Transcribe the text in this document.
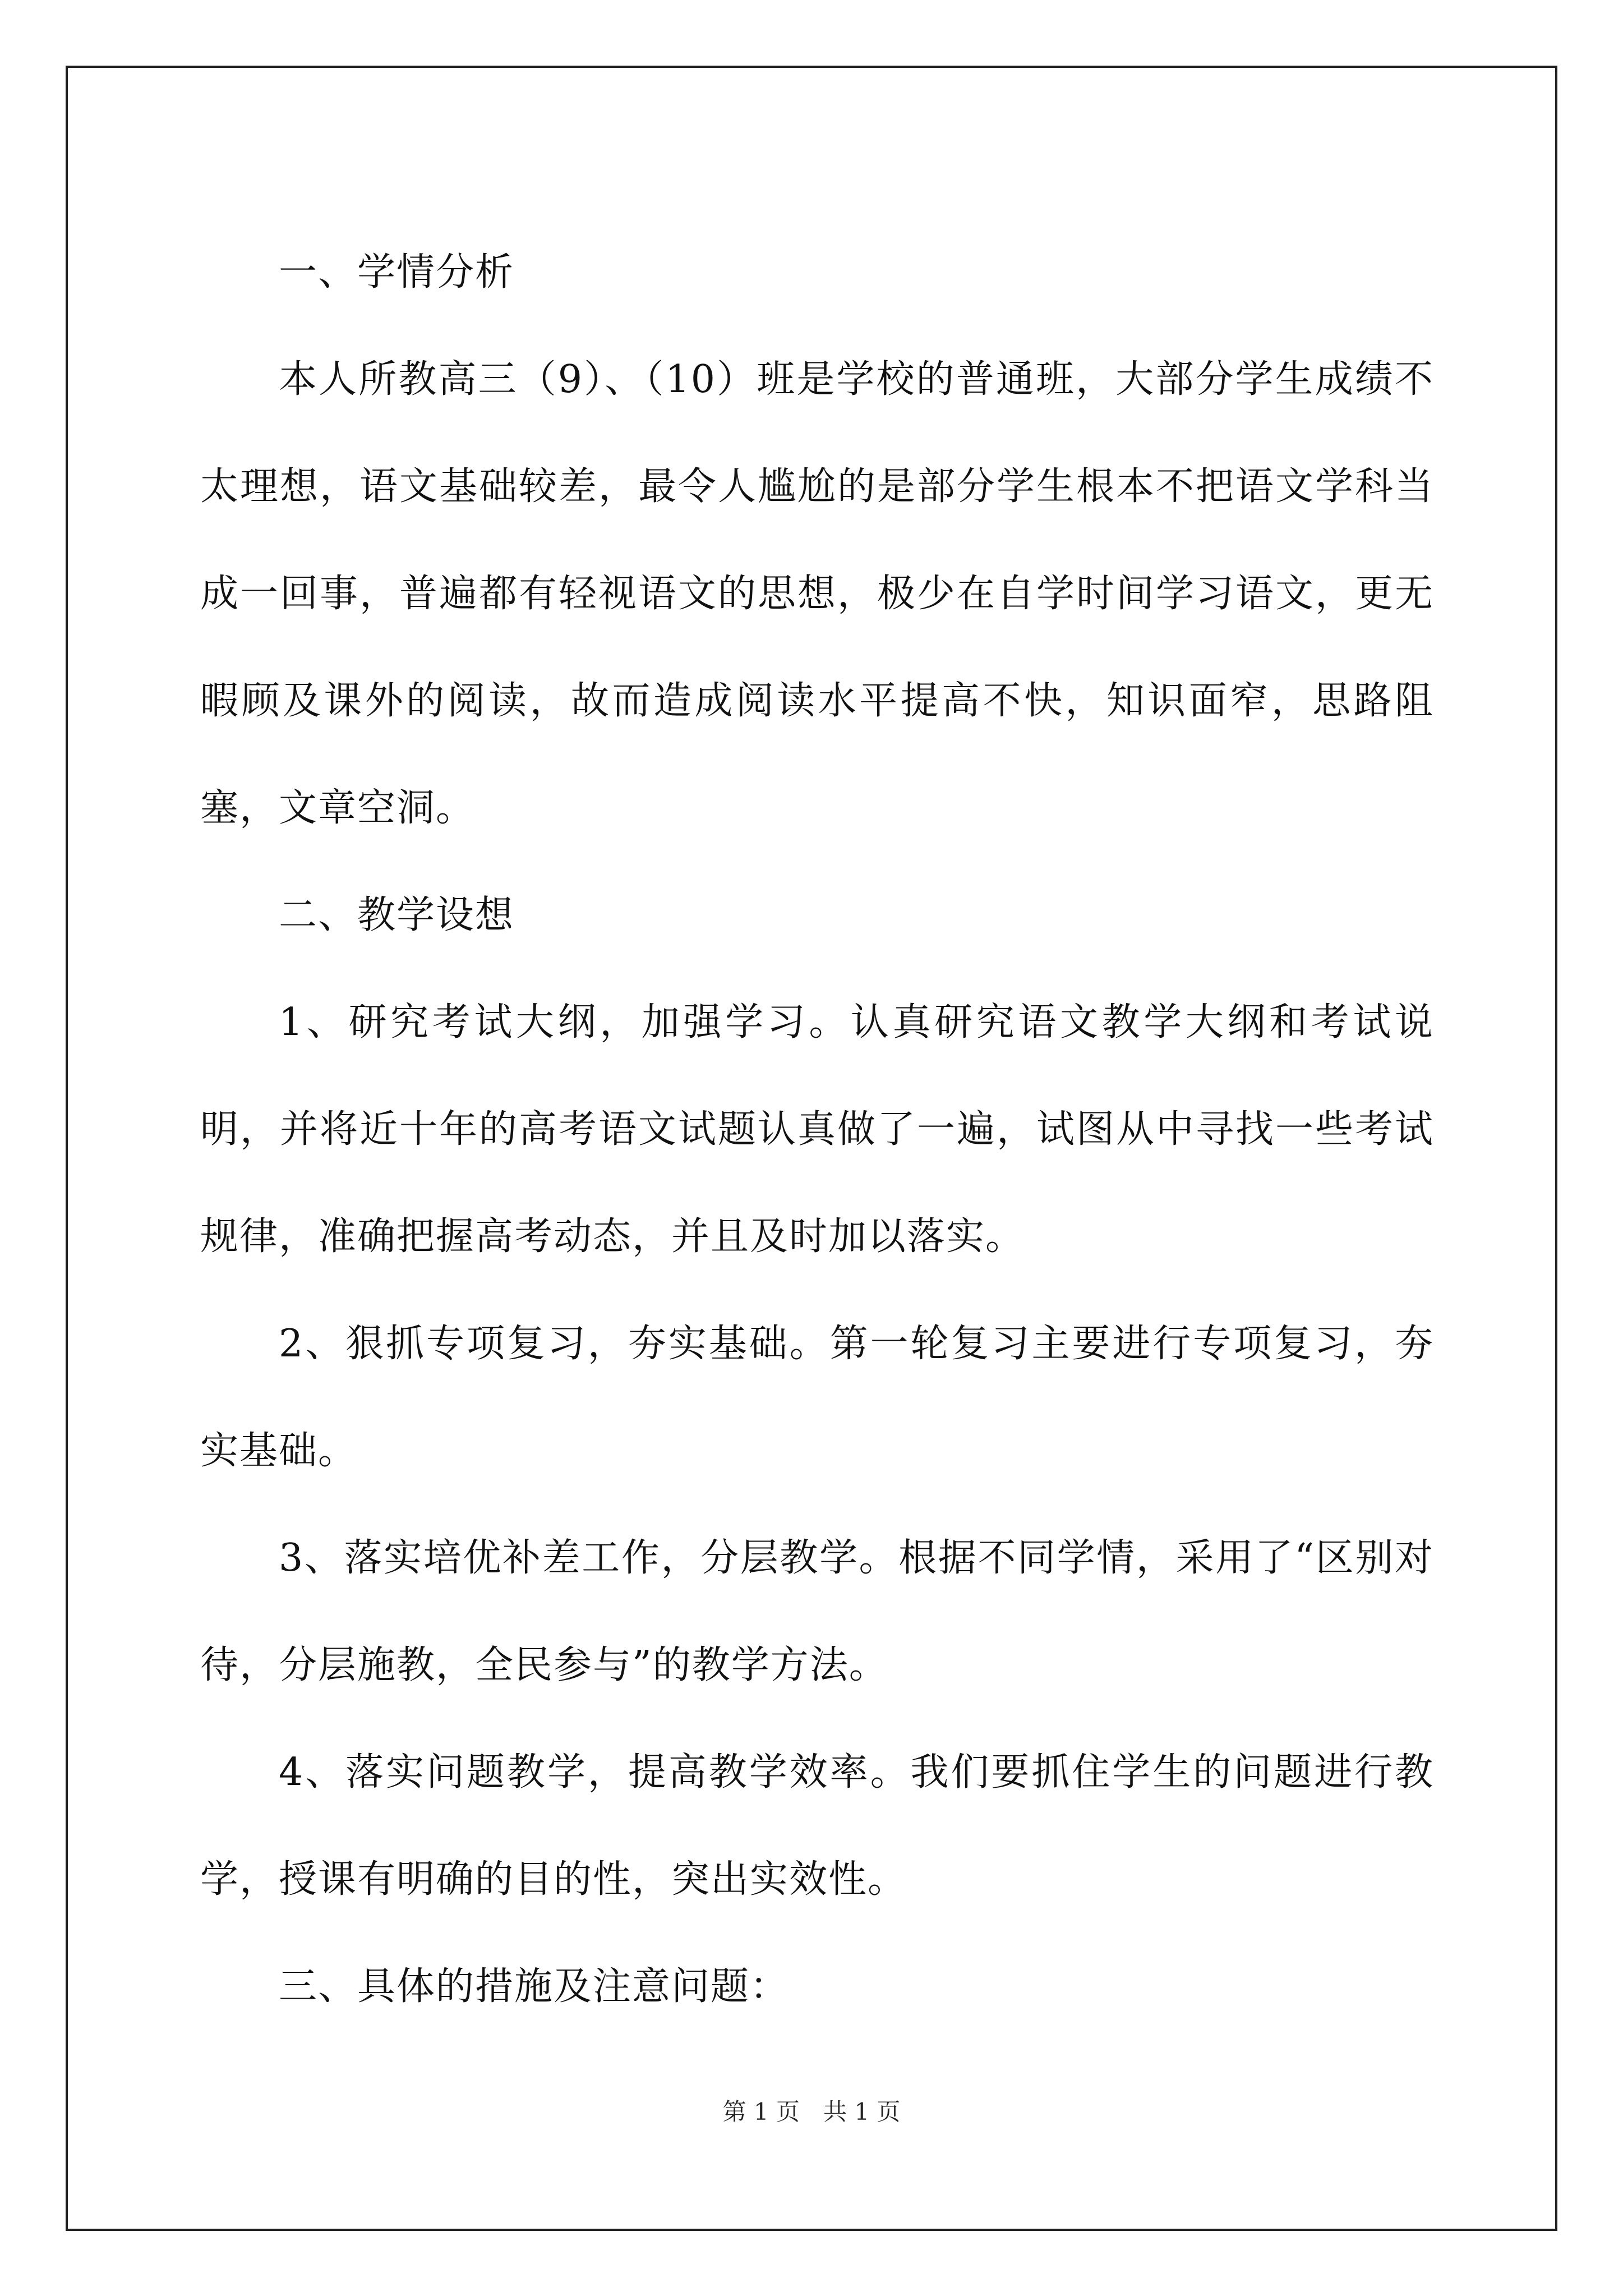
一、学情分析

本人所教高三（9）、（10）班是学校的普通班，大部分学生成绩不太理想，语文基础较差，最令人尴尬的是部分学生根本不把语文学科当成一回事，普遍都有轻视语文的思想，极少在自学时间学习语文，更无暇顾及课外的阅读，故而造成阅读水平提高不快，知识面窄，思路阻塞，文章空洞。

二、教学设想

1、研究考试大纲，加强学习。认真研究语文教学大纲和考试说明，并将近十年的高考语文试题认真做了一遍，试图从中寻找一些考试规律，准确把握高考动态，并且及时加以落实。

2、狠抓专项复习，夯实基础。第一轮复习主要进行专项复习，夯实基础。

3、落实培优补差工作，分层教学。根据不同学情，采用了“区别对待，分层施教，全民参与”的教学方法。

4、落实问题教学，提高教学效率。我们要抓住学生的问题进行教学，授课有明确的目的性，突出实效性。

三、具体的措施及注意问题：

第 1 页　共 1 页
